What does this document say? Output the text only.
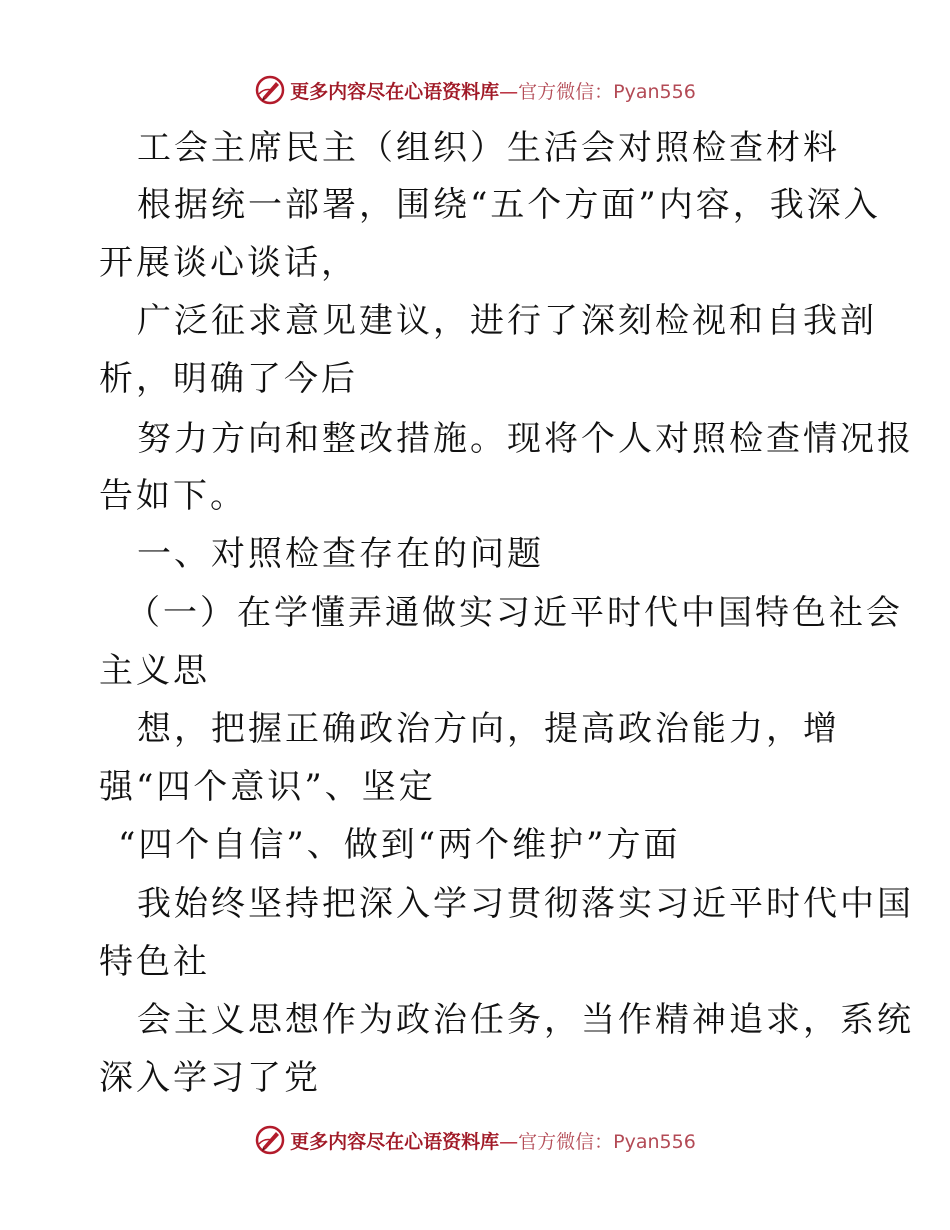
更多内容尽在心语资料库—官方微信：Pyan556
工会主席民主（组织）生活会对照检查材料
根据统一部署，围绕“五个方面”内容，我深入
开展谈心谈话，
广泛征求意见建议，进行了深刻检视和自我剖
析，明确了今后
努力方向和整改措施。现将个人对照检查情况报
告如下。
一、对照检查存在的问题
（一）在学懂弄通做实习近平时代中国特色社会
主义思
想，把握正确政治方向，提高政治能力，增
强“四个意识”、坚定
“四个自信”、做到“两个维护”方面
我始终坚持把深入学习贯彻落实习近平时代中国
特色社
会主义思想作为政治任务，当作精神追求，系统
深入学习了党
更多内容尽在心语资料库—官方微信：Pyan556
